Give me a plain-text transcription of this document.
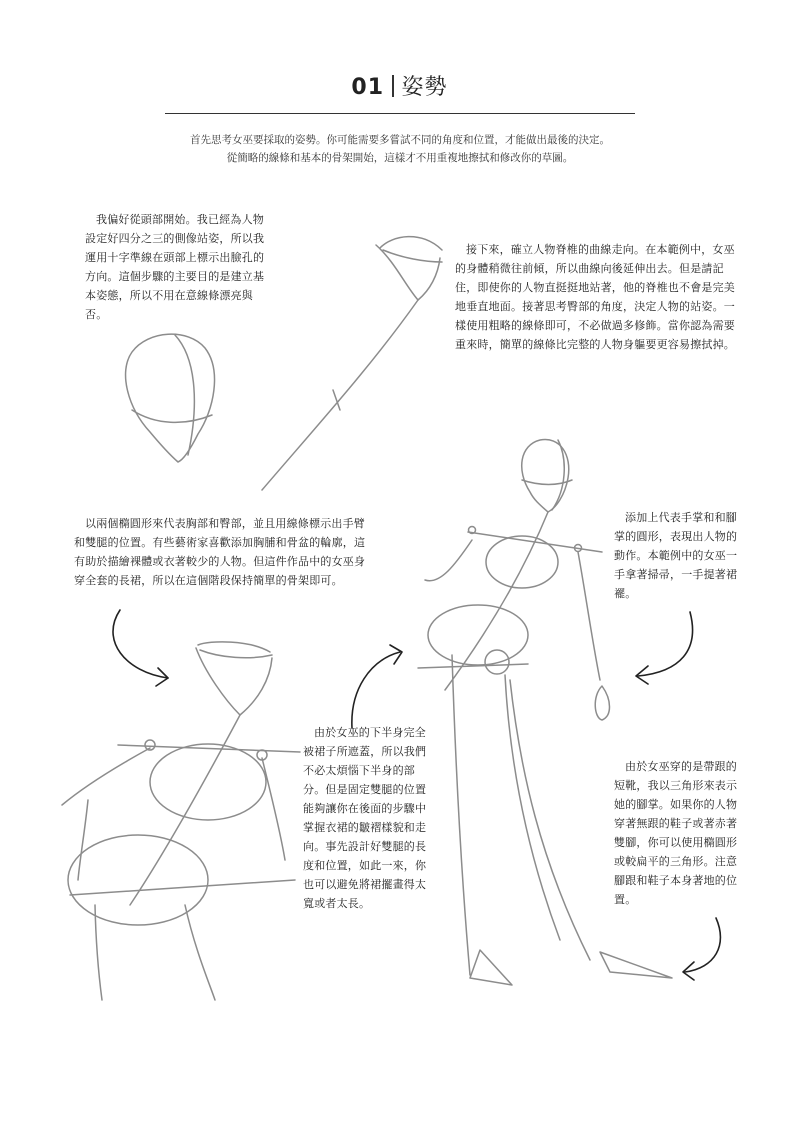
01 姿勢
首先思考女巫要採取的姿勢。你可能需要多嘗試不同的角度和位置，才能做出最後的決定。
從簡略的線條和基本的骨架開始，這樣才不用重複地擦拭和修改你的草圖。
我偏好從頭部開始。我已經為人物設定好四分之三的側像站姿，所以我運用十字準線在頭部上標示出臉孔的方向。這個步驟的主要目的是建立基本姿態，所以不用在意線條漂亮與否。
接下來，確立人物脊椎的曲線走向。在本範例中，女巫的身體稍微往前傾，所以曲線向後延伸出去。但是請記住，即使你的人物直挺挺地站著，他的脊椎也不會是完美地垂直地面。接著思考臀部的角度，決定人物的站姿。一樣使用粗略的線條即可，不必做過多修飾。當你認為需要重來時，簡單的線條比完整的人物身軀要更容易擦拭掉。
以兩個橢圓形來代表胸部和臀部，並且用線條標示出手臂和雙腿的位置。有些藝術家喜歡添加胸脯和骨盆的輪廓，這有助於描繪裸體或衣著較少的人物。但這件作品中的女巫身穿全套的長裙，所以在這個階段保持簡單的骨架即可。
添加上代表手掌和和腳掌的圓形，表現出人物的動作。本範例中的女巫一手拿著掃帚，一手提著裙襬。
由於女巫的下半身完全被裙子所遮蓋，所以我們不必太煩惱下半身的部分。但是固定雙腿的位置能夠讓你在後面的步驟中掌握衣裙的皺褶樣貌和走向。事先設計好雙腿的長度和位置，如此一來，你也可以避免將裙擺畫得太寬或者太長。
由於女巫穿的是帶跟的短靴，我以三角形來表示她的腳掌。如果你的人物穿著無跟的鞋子或著赤著雙腳，你可以使用橢圓形或較扁平的三角形。注意腳跟和鞋子本身著地的位置。
